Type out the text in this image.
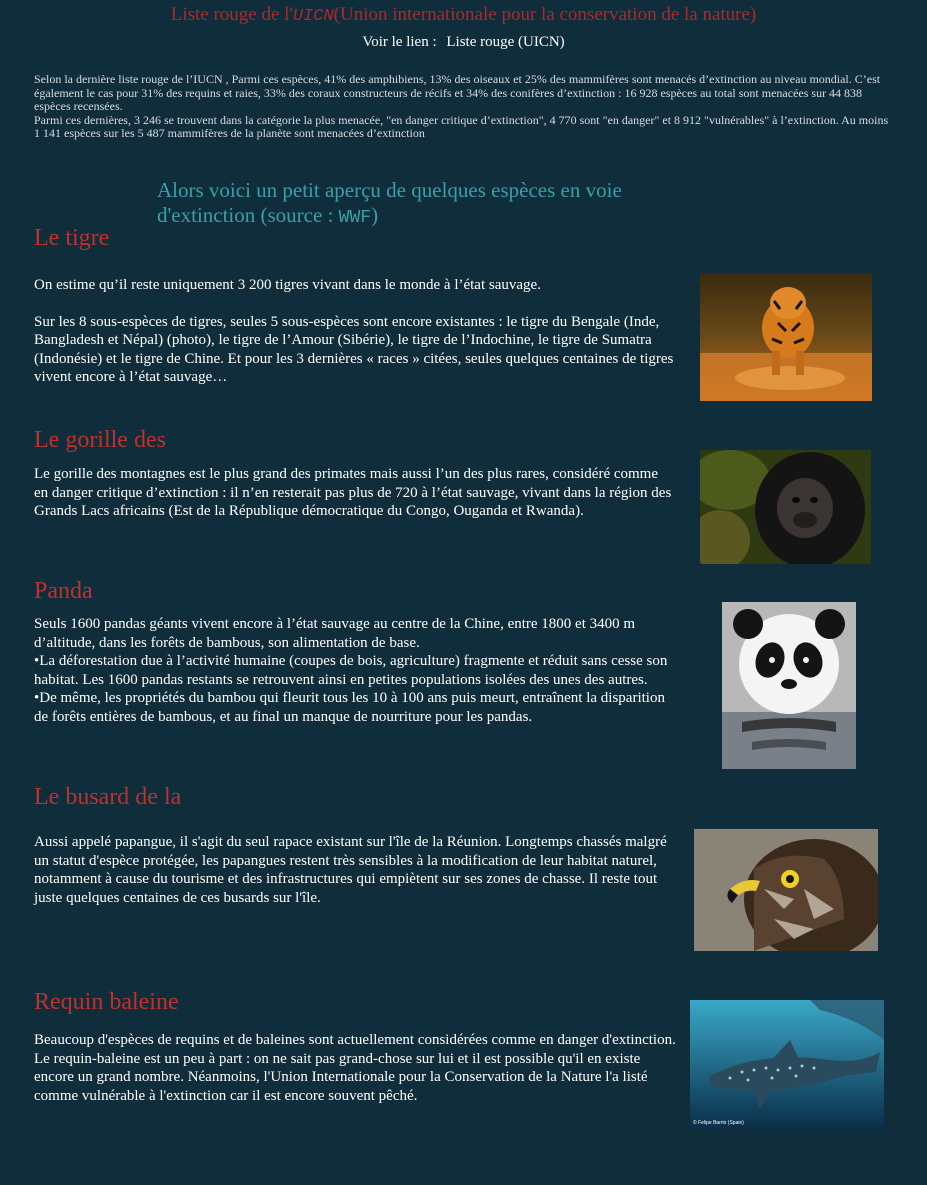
Liste rouge de l'UICN(Union internationale pour la conservation de la nature)
Voir le lien : Liste rouge (UICN)
Selon la dernière liste rouge de l’IUCN , Parmi ces espèces, 41% des amphibiens, 13% des oiseaux et 25% des mammifères sont menacés d’extinction au niveau mondial. C’est également le cas pour 31% des requins et raies, 33% des coraux constructeurs de récifs et 34% des conifères d’extinction : 16 928 espèces au total sont menacées sur 44 838 espèces recensées.
Parmi ces dernières, 3 246 se trouvent dans la catégorie la plus menacée, "en danger critique d’extinction", 4 770 sont "en danger" et 8 912 "vulnérables" à l’extinction. Au moins 1 141 espèces sur les 5 487 mammifères de la planète sont menacées d’extinction
Alors voici un petit aperçu de quelques espèces en voie d'extinction (source : WWF)
Le tigre

On estime qu’il reste uniquement 3 200 tigres vivant dans le monde à l’état sauvage.

Sur les 8 sous-espèces de tigres, seules 5 sous-espèces sont encore existantes : le tigre du Bengale (Inde, Bangladesh et Népal) (photo), le tigre de l’Amour (Sibérie), le tigre de l’Indochine, le tigre de Sumatra (Indonésie) et le tigre de Chine. Et pour les 3 dernières « races » citées, seules quelques centaines de tigres vivent encore à l’état sauvage…

Le gorille des

Le gorille des montagnes est le plus grand des primates mais aussi l’un des plus rares, considéré comme en danger critique d’extinction : il n’en resterait pas plus de 720 à l’état sauvage, vivant dans la région des Grands Lacs africains (Est de la République démocratique du Congo, Ouganda et Rwanda).

Panda

Seuls 1600 pandas géants vivent encore à l’état sauvage au centre de la Chine, entre 1800 et 3400 m d’altitude, dans les forêts de bambous, son alimentation de base.

•La déforestation due à l’activité humaine (coupes de bois, agriculture) fragmente et réduit sans cesse son habitat. Les 1600 pandas restants se retrouvent ainsi en petites populations isolées des unes des autres.

•De même, les propriétés du bambou qui fleurit tous les 10 à 100 ans puis meurt, entraînent la disparition de forêts entières de bambous, et au final un manque de nourriture pour les pandas.

Le busard de la

Aussi appelé papangue, il s'agit du seul rapace existant sur l'île de la Réunion. Longtemps chassés malgré un statut d'espèce protégée, les papangues restent très sensibles à la modification de leur habitat naturel, notamment à cause du tourisme et des infrastructures qui empiètent sur ses zones de chasse. Il reste tout juste quelques centaines de ces busards sur l'île.

Requin baleine

Beaucoup d'espèces de requins et de baleines sont actuellement considérées comme en danger d'extinction. Le requin-baleine est un peu à part : on ne sait pas grand-chose sur lui et il est possible qu'il en existe encore un grand nombre. Néanmoins, l'Union Internationale pour la Conservation de la Nature l'a listé comme vulnérable à l'extinction car il est encore souvent pêché.

© Felipe Barrio (Spain)
